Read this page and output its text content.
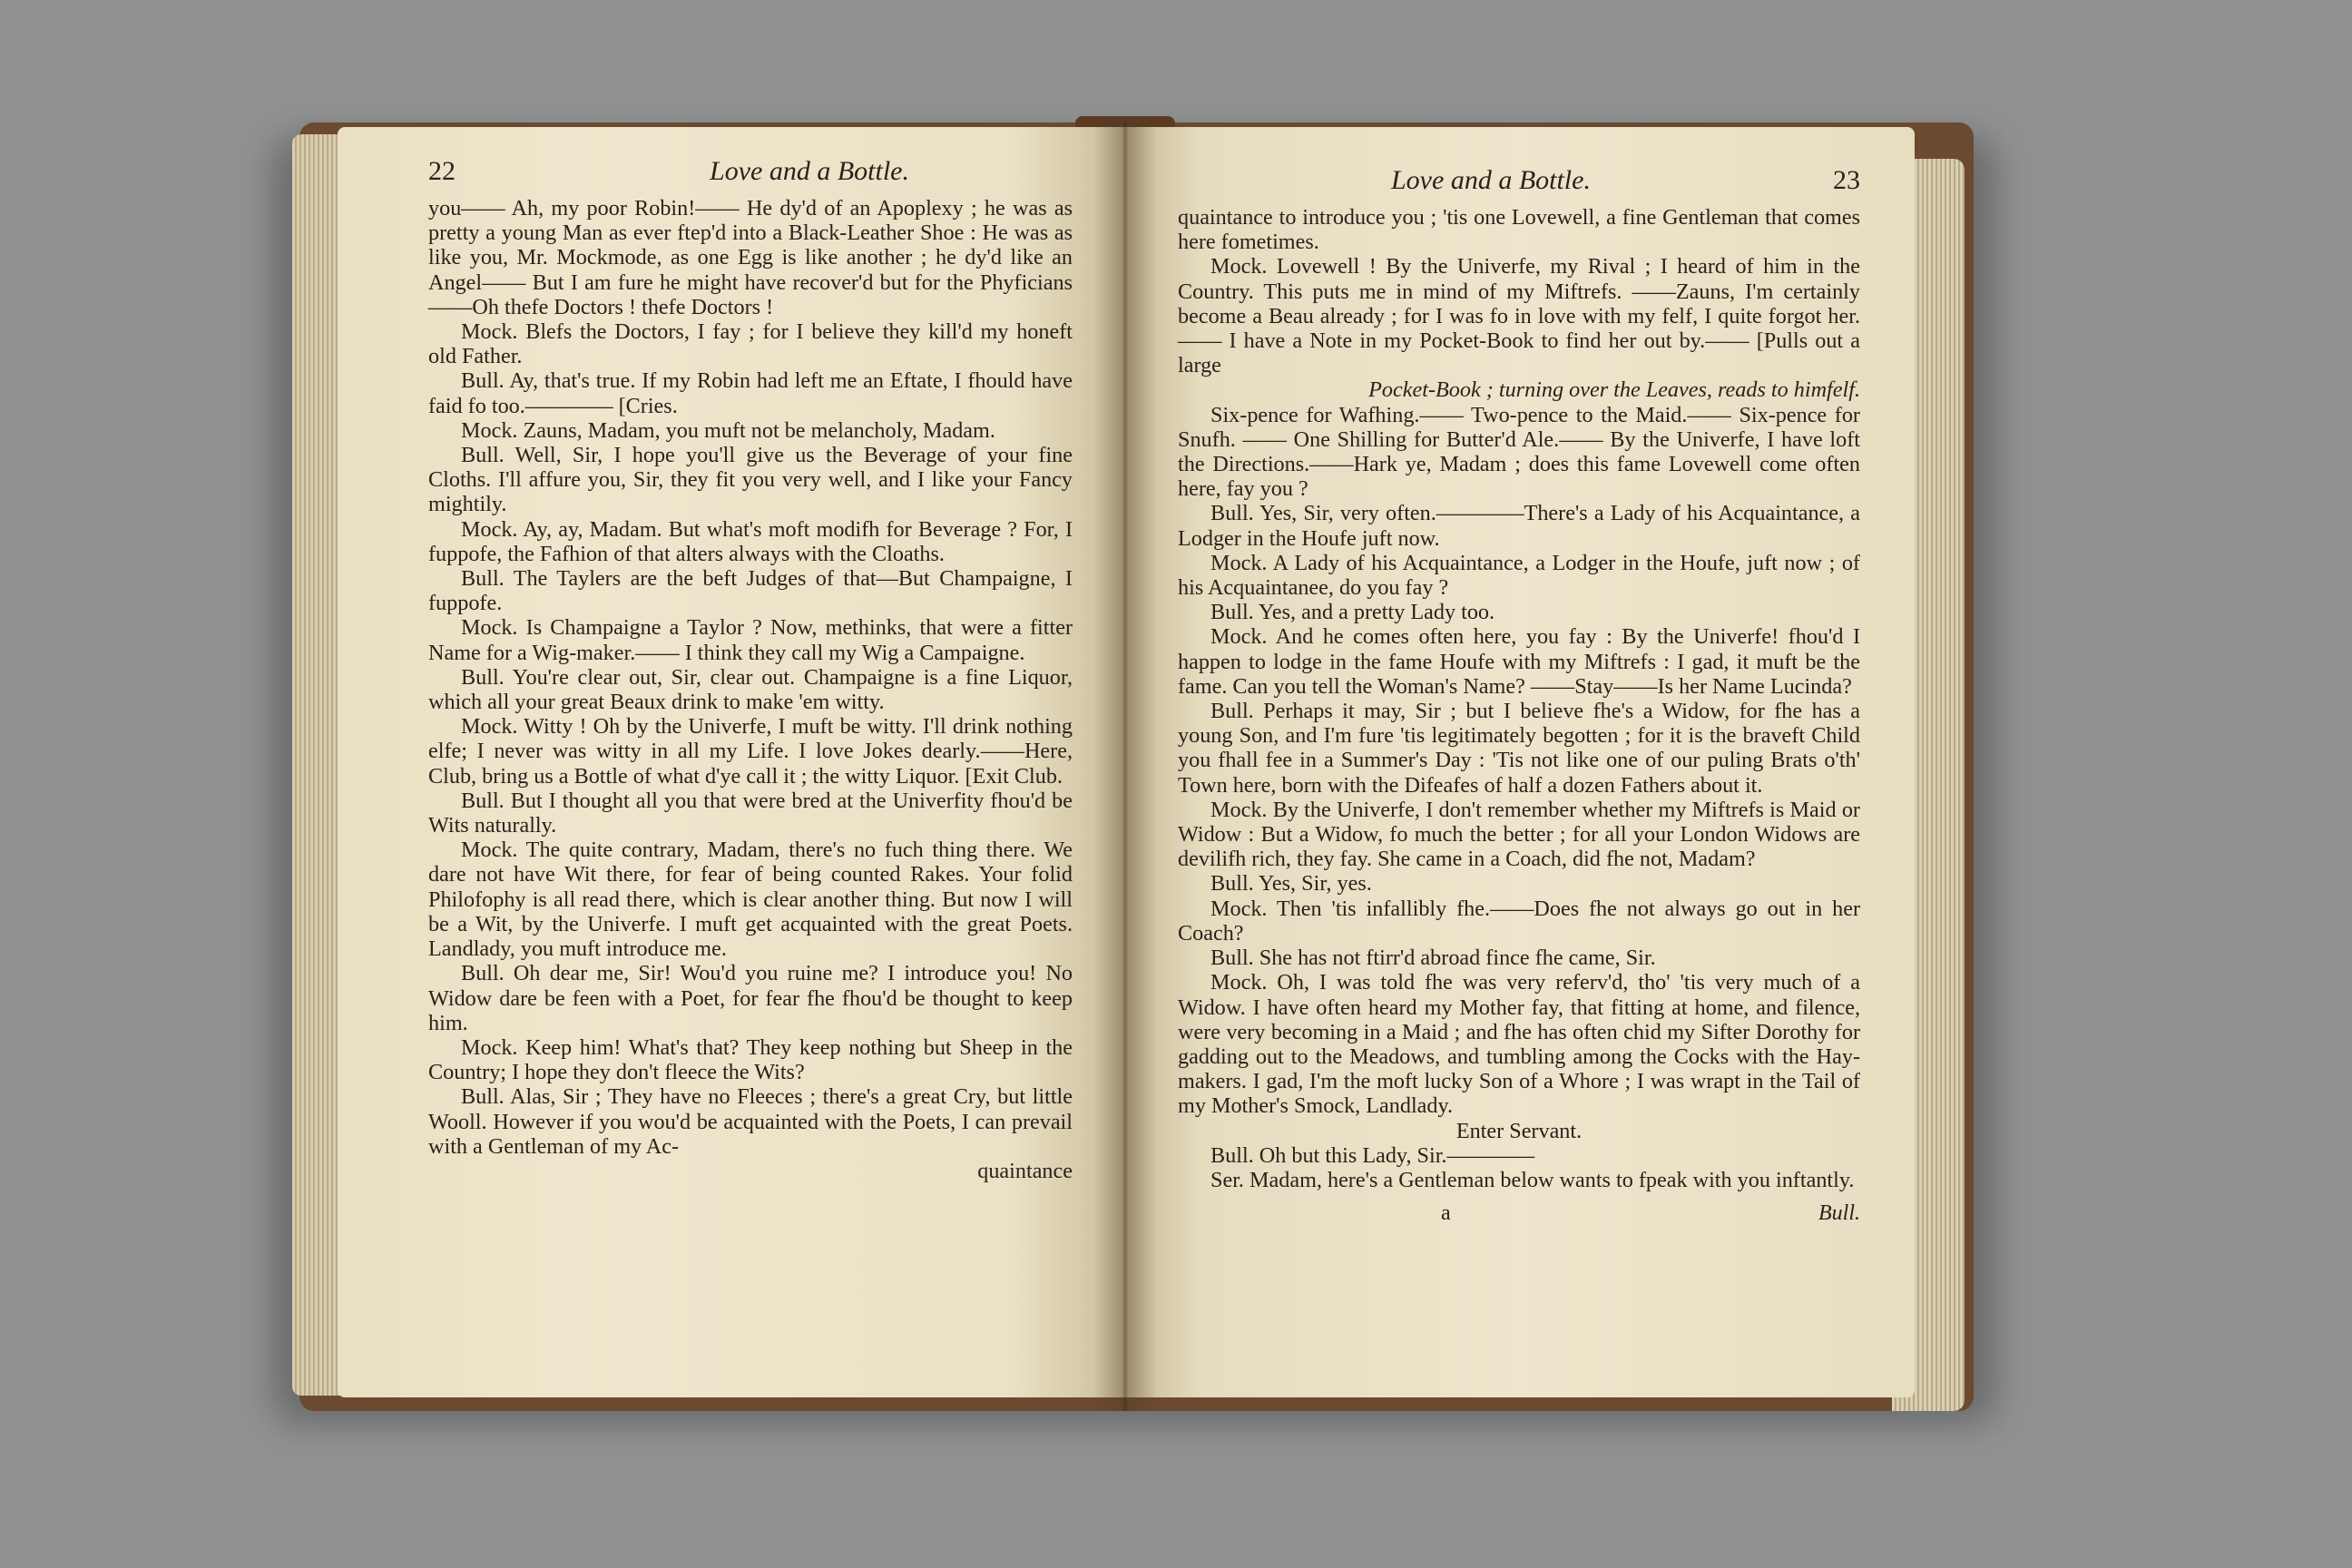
22	Love and a Bottle.

you—— Ah, my poor Robin!—— He dy'd of an Apoplexy ; he was as pretty a young Man as ever ftep'd into a Black-Leather Shoe : He was as like you, Mr. Mockmode, as one Egg is like another ; he dy'd like an Angel—— But I am fure he might have recover'd but for the Phyficians——Oh thefe Doctors ! thefe Doctors !

Mock. Blefs the Doctors, I fay ; for I believe they kill'd my honeft old Father.

Bull. Ay, that's true. If my Robin had left me an Eftate, I fhould have faid fo too.———— [Cries.

Mock. Zauns, Madam, you muft not be melancholy, Madam.

Bull. Well, Sir, I hope you'll give us the Beverage of your fine Cloths. I'll affure you, Sir, they fit you very well, and I like your Fancy mightily.

Mock. Ay, ay, Madam. But what's moft modifh for Beverage ? For, I fuppofe, the Fafhion of that alters always with the Cloaths.

Bull. The Taylers are the beft Judges of that—But Champaigne, I fuppofe.

Mock. Is Champaigne a Taylor ? Now, methinks, that were a fitter Name for a Wig-maker.—— I think they call my Wig a Campaigne.

Bull. You're clear out, Sir, clear out. Champaigne is a fine Liquor, which all your great Beaux drink to make 'em witty.

Mock. Witty ! Oh by the Univerfe, I muft be witty. I'll drink nothing elfe; I never was witty in all my Life. I love Jokes dearly.——Here, Club, bring us a Bottle of what d'ye call it ; the witty Liquor. [Exit Club.

Bull. But I thought all you that were bred at the Univerfity fhou'd be Wits naturally.

Mock. The quite contrary, Madam, there's no fuch thing there. We dare not have Wit there, for fear of being counted Rakes. Your folid Philofophy is all read there, which is clear another thing. But now I will be a Wit, by the Univerfe. I muft get acquainted with the great Poets. Landlady, you muft introduce me.

Bull. Oh dear me, Sir! Wou'd you ruine me? I introduce you! No Widow dare be feen with a Poet, for fear fhe fhou'd be thought to keep him.

Mock. Keep him! What's that? They keep nothing but Sheep in the Country; I hope they don't fleece the Wits?

Bull. Alas, Sir ; They have no Fleeces ; there's a great Cry, but little Wooll. However if you wou'd be acquainted with the Poets, I can prevail with a Gentleman of my Ac-

quaintance

Love and a Bottle.	23

quaintance to introduce you ; 'tis one Lovewell, a fine Gentleman that comes here fometimes.

Mock. Lovewell ! By the Univerfe, my Rival ; I heard of him in the Country. This puts me in mind of my Miftrefs. ——Zauns, I'm certainly become a Beau already ; for I was fo in love with my felf, I quite forgot her.—— I have a Note in my Pocket-Book to find her out by.—— [Pulls out a large

Pocket-Book ; turning over the Leaves, reads to himfelf.

Six-pence for Wafhing.—— Two-pence to the Maid.—— Six-pence for Snufh. —— One Shilling for Butter'd Ale.—— By the Univerfe, I have loft the Directions.——Hark ye, Madam ; does this fame Lovewell come often here, fay you ?

Bull. Yes, Sir, very often.————There's a Lady of his Acquaintance, a Lodger in the Houfe juft now.

Mock. A Lady of his Acquaintance, a Lodger in the Houfe, juft now ; of his Acquaintanee, do you fay ?

Bull. Yes, and a pretty Lady too.

Mock. And he comes often here, you fay : By the Univerfe! fhou'd I happen to lodge in the fame Houfe with my Miftrefs : I gad, it muft be the fame. Can you tell the Woman's Name? ——Stay——Is her Name Lucinda?

Bull. Perhaps it may, Sir ; but I believe fhe's a Widow, for fhe has a young Son, and I'm fure 'tis legitimately begotten ; for it is the braveft Child you fhall fee in a Summer's Day : 'Tis not like one of our puling Brats o'th' Town here, born with the Difeafes of half a dozen Fathers about it.

Mock. By the Univerfe, I don't remember whether my Miftrefs is Maid or Widow : But a Widow, fo much the better ; for all your London Widows are devilifh rich, they fay. She came in a Coach, did fhe not, Madam?

Bull. Yes, Sir, yes.

Mock. Then 'tis infallibly fhe.——Does fhe not always go out in her Coach?

Bull. She has not ftirr'd abroad fince fhe came, Sir.

Mock. Oh, I was told fhe was very referv'd, tho' 'tis very much of a Widow. I have often heard my Mother fay, that fitting at home, and filence, were very becoming in a Maid ; and fhe has often chid my Sifter Dorothy for gadding out to the Meadows, and tumbling among the Cocks with the Hay-makers. I gad, I'm the moft lucky Son of a Whore ; I was wrapt in the Tail of my Mother's Smock, Landlady.

Enter Servant.

Bull. Oh but this Lady, Sir.————

Ser. Madam, here's a Gentleman below wants to fpeak with you inftantly.

a	Bull.
